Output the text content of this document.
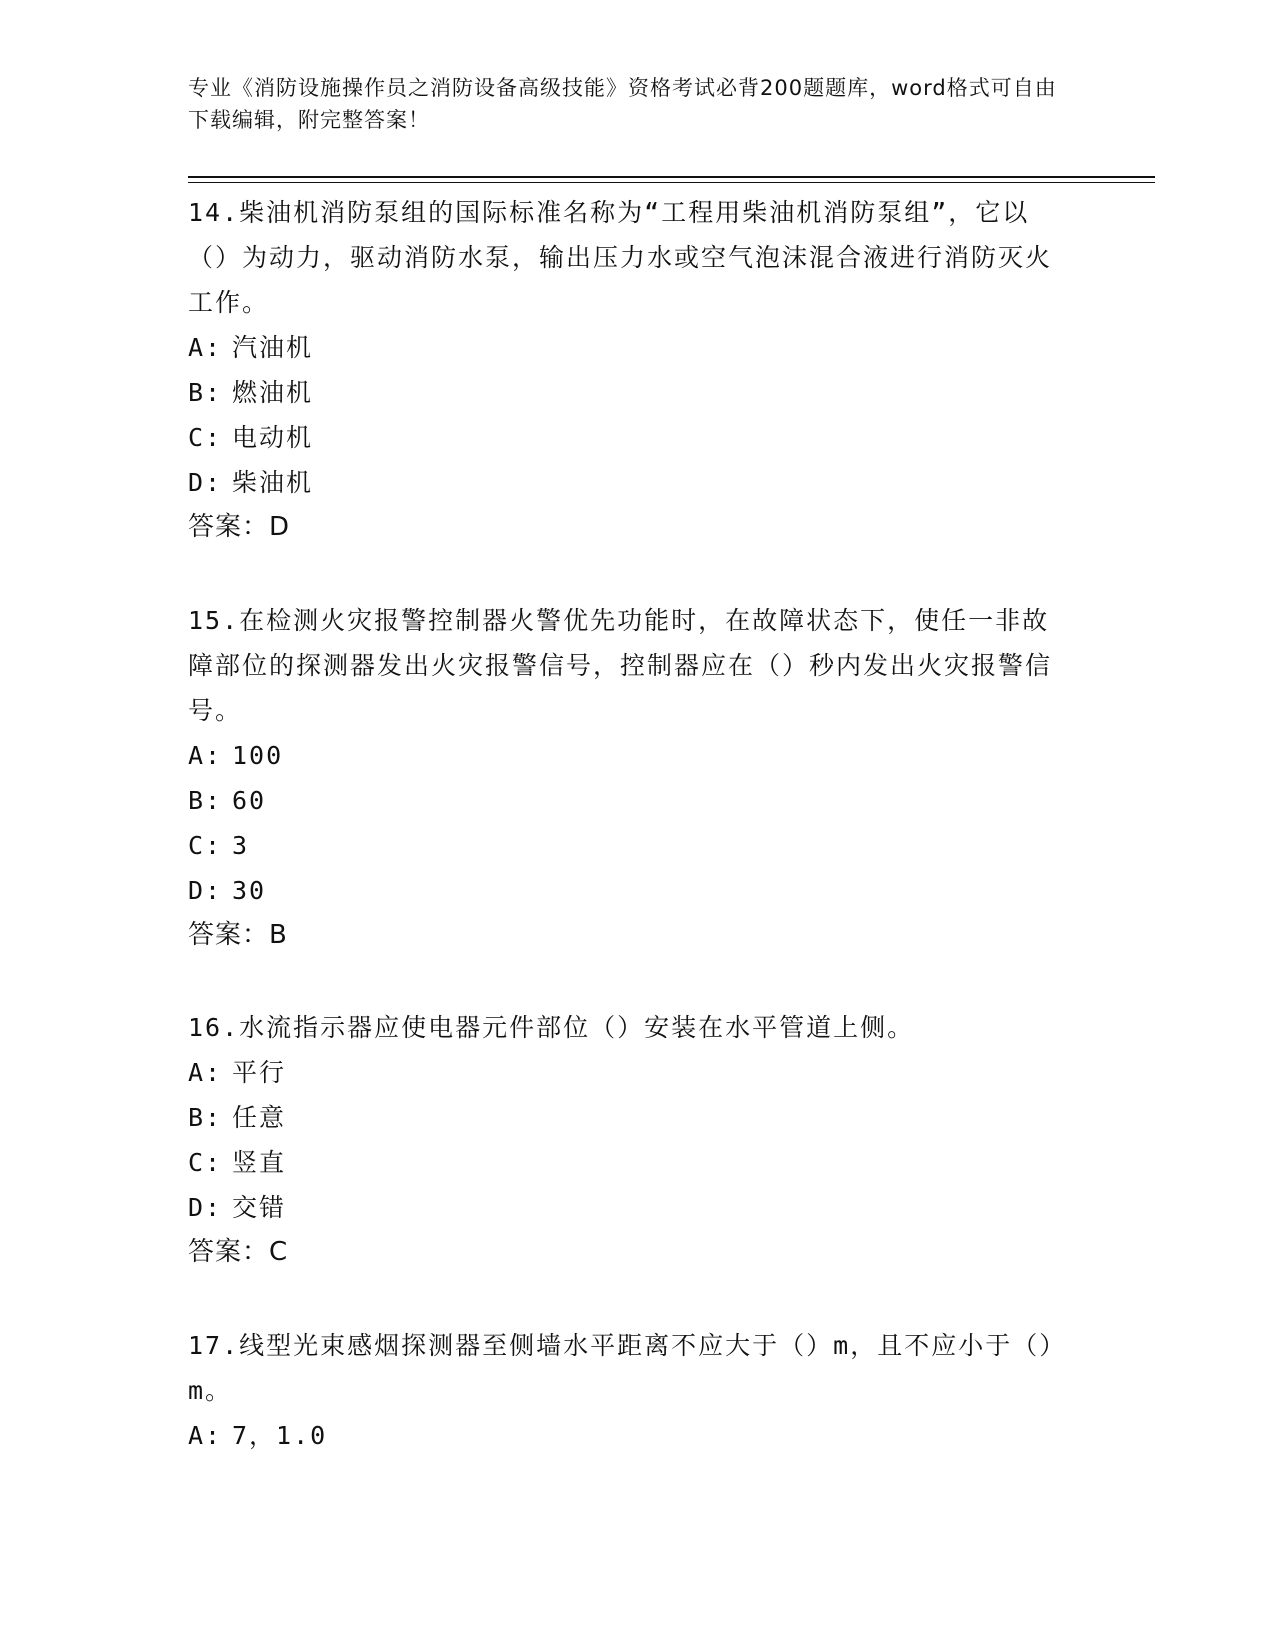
专业《消防设施操作员之消防设备高级技能》资格考试必背200题题库，word格式可自由下载编辑，附完整答案！

14.柴油机消防泵组的国际标准名称为“工程用柴油机消防泵组”，它以（）为动力，驱动消防水泵，输出压力水或空气泡沫混合液进行消防灭火工作。

A: 汽油机
B: 燃油机
C: 电动机
D: 柴油机
答案：D

15.在检测火灾报警控制器火警优先功能时，在故障状态下，使任一非故障部位的探测器发出火灾报警信号，控制器应在（）秒内发出火灾报警信号。

A: 100
B: 60
C: 3
D: 30
答案：B

16.水流指示器应使电器元件部位（）安装在水平管道上侧。

A: 平行
B: 任意
C: 竖直
D: 交错
答案：C

17.线型光束感烟探测器至侧墙水平距离不应大于（）m，且不应小于（）m。

A: 7，1.0
